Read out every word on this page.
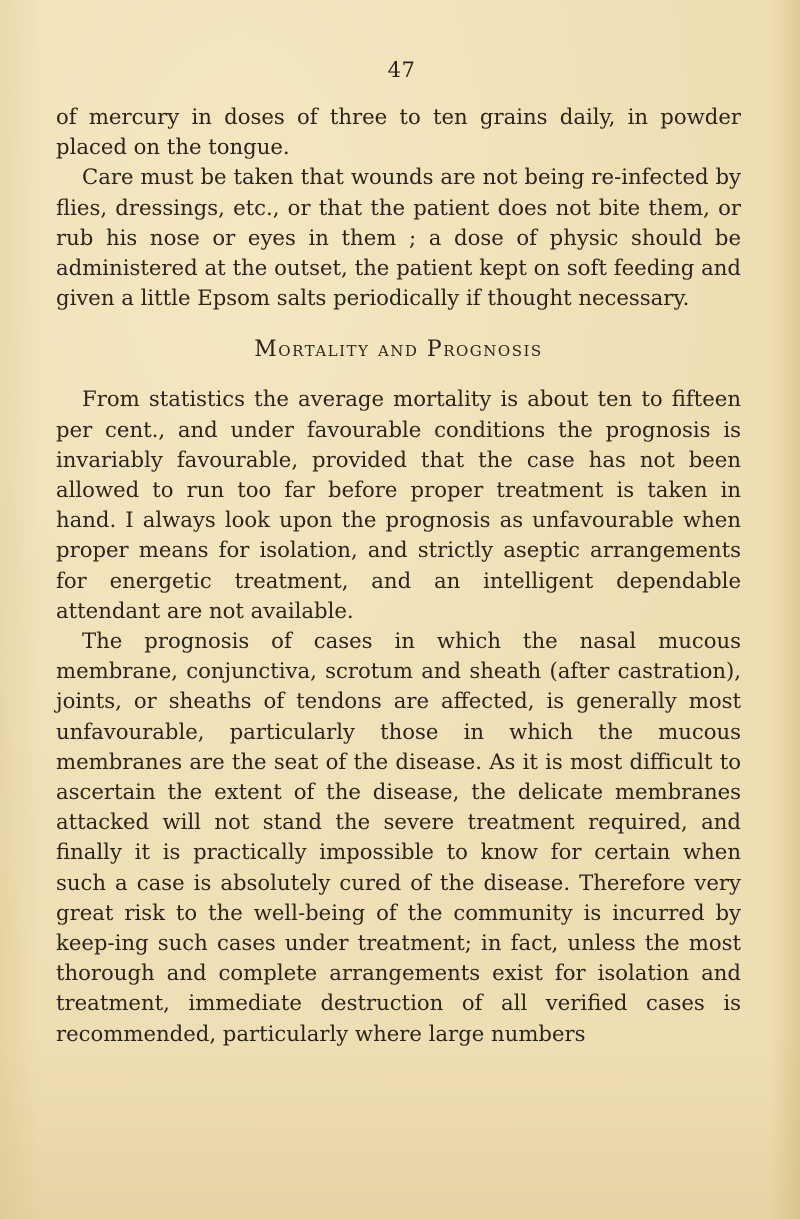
47

of mercury in doses of three to ten grains daily, in powder placed on the tongue.

Care must be taken that wounds are not being re-infected by flies, dressings, etc., or that the patient does not bite them, or rub his nose or eyes in them ; a dose of physic should be administered at the outset, the patient kept on soft feeding and given a little Epsom salts periodically if thought necessary.

Mortality and Prognosis

From statistics the average mortality is about ten to fifteen per cent., and under favourable conditions the prognosis is invariably favourable, provided that the case has not been allowed to run too far before proper treatment is taken in hand. I always look upon the prognosis as unfavourable when proper means for isolation, and strictly aseptic arrangements for energetic treatment, and an intelligent dependable attendant are not available.

The prognosis of cases in which the nasal mucous membrane, conjunctiva, scrotum and sheath (after castration), joints, or sheaths of tendons are affected, is generally most unfavourable, particularly those in which the mucous membranes are the seat of the disease. As it is most difficult to ascertain the extent of the disease, the delicate membranes attacked will not stand the severe treatment required, and finally it is practically impossible to know for certain when such a case is absolutely cured of the disease. Therefore very great risk to the well-being of the community is incurred by keep-ing such cases under treatment; in fact, unless the most thorough and complete arrangements exist for isolation and treatment, immediate destruction of all verified cases is recommended, particularly where large numbers
